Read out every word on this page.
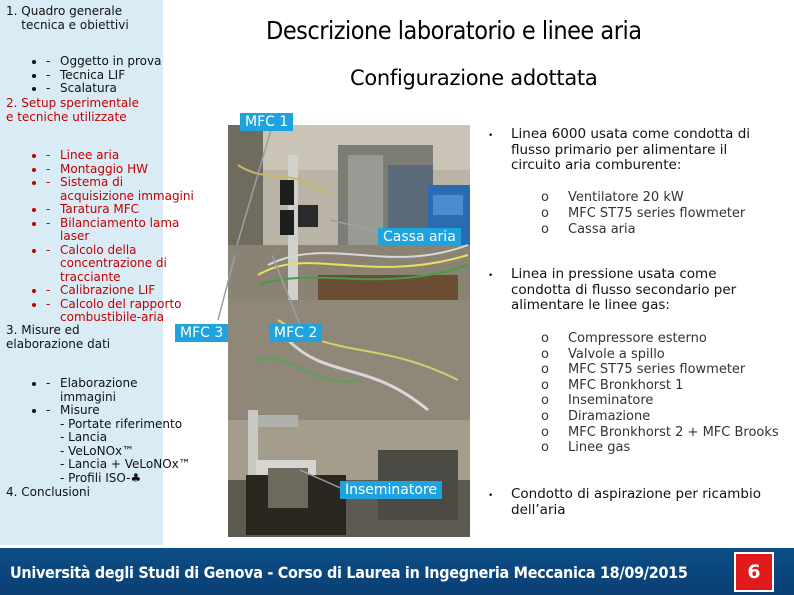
1. Quadro generale
tecnica e obiettivi
- • Oggetto in prova
- • Tecnica LIF
- • Scalatura
2. Setup sperimentale
e tecniche utilizzate
- • Linee aria
- • Montaggio HW
- • Sistema di acquisizione immagini
- • Taratura MFC
- • Bilanciamento lama laser
- • Calcolo della concentrazione di tracciante
- • Calibrazione LIF
- • Calcolo del rapporto combustibile-aria
3. Misure ed
elaborazione dati
- • Elaborazione immagini
- • Misure
- Portate riferimento
- Lancia
- VeLoNOx™
- Lancia + VeLoNOx™
- Profili ISO-♣
4. Conclusioni
Descrizione laboratorio e linee aria
Configurazione adottata
MFC 1
Cassa aria
MFC 3	MFC 2
Inseminatore
• Linea 6000 usata come condotta di flusso primario per alimentare il circuito aria comburente:
o Ventilatore 20 kW
o MFC ST75 series flowmeter
o Cassa aria
• Linea in pressione usata come condotta di flusso secondario per alimentare le linee gas:
o Compressore esterno
o Valvole a spillo
o MFC ST75 series flowmeter
o MFC Bronkhorst 1
o Inseminatore
o Diramazione
o MFC Bronkhorst 2 + MFC Brooks
o Linee gas
• Condotto di aspirazione per ricambio dell’aria
Università degli Studi di Genova - Corso di Laurea in Ingegneria Meccanica 18/09/2015	6
